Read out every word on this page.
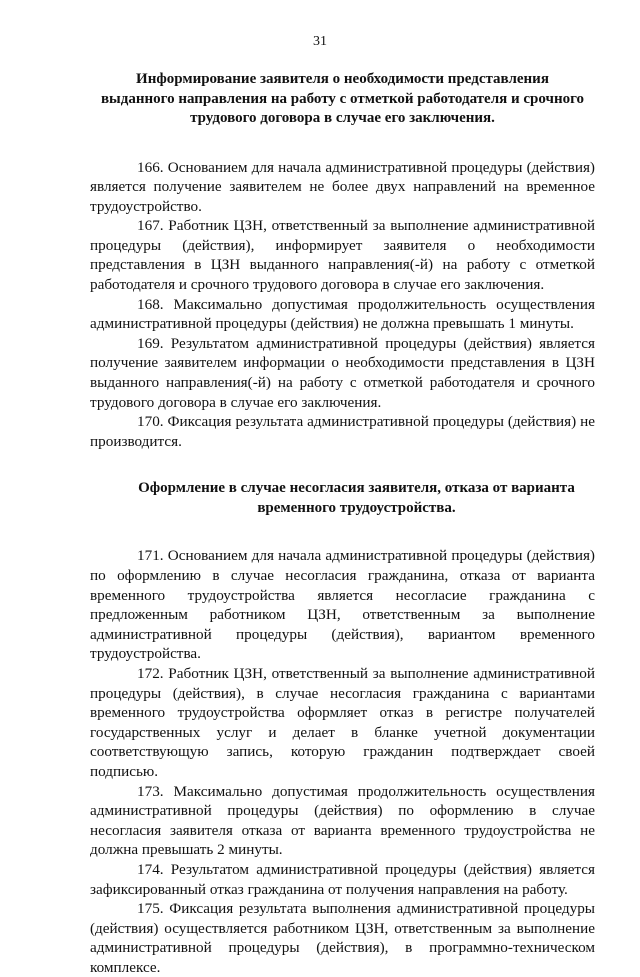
31
Информирование заявителя о необходимости представления
выданного направления на работу с отметкой работодателя и срочного
трудового договора в случае его заключения.

166. Основанием для начала административной процедуры (действия) является получение заявителем не более двух направлений на временное трудоустройство.

167. Работник ЦЗН, ответственный за выполнение административной процедуры (действия), информирует заявителя о необходимости представления в ЦЗН выданного направления(-й) на работу с отметкой работодателя и срочного трудового договора в случае его заключения.

168. Максимально допустимая продолжительность осуществления административной процедуры (действия) не должна превышать 1 минуты.

169. Результатом административной процедуры (действия) является получение заявителем информации о необходимости представления в ЦЗН выданного направления(-й) на работу с отметкой работодателя и срочного трудового договора в случае его заключения.

170. Фиксация результата административной процедуры (действия) не производится.

Оформление в случае несогласия заявителя, отказа от варианта
временного трудоустройства.

171. Основанием для начала административной процедуры (действия) по оформлению в случае несогласия гражданина, отказа от варианта временного трудоустройства является несогласие гражданина с предложенным работником ЦЗН, ответственным за выполнение административной процедуры (действия), вариантом временного трудоустройства.

172. Работник ЦЗН, ответственный за выполнение административной процедуры (действия), в случае несогласия гражданина с вариантами временного трудоустройства оформляет отказ в регистре получателей государственных услуг и делает в бланке учетной документации соответствующую запись, которую гражданин подтверждает своей подписью.

173. Максимально допустимая продолжительность осуществления административной процедуры (действия) по оформлению в случае несогласия заявителя отказа от варианта временного трудоустройства не должна превышать 2 минуты.

174. Результатом административной процедуры (действия) является зафиксированный отказ гражданина от получения направления на работу.

175. Фиксация результата выполнения административной процедуры (действия) осуществляется работником ЦЗН, ответственным за выполнение административной процедуры (действия), в программно-техническом комплексе.
